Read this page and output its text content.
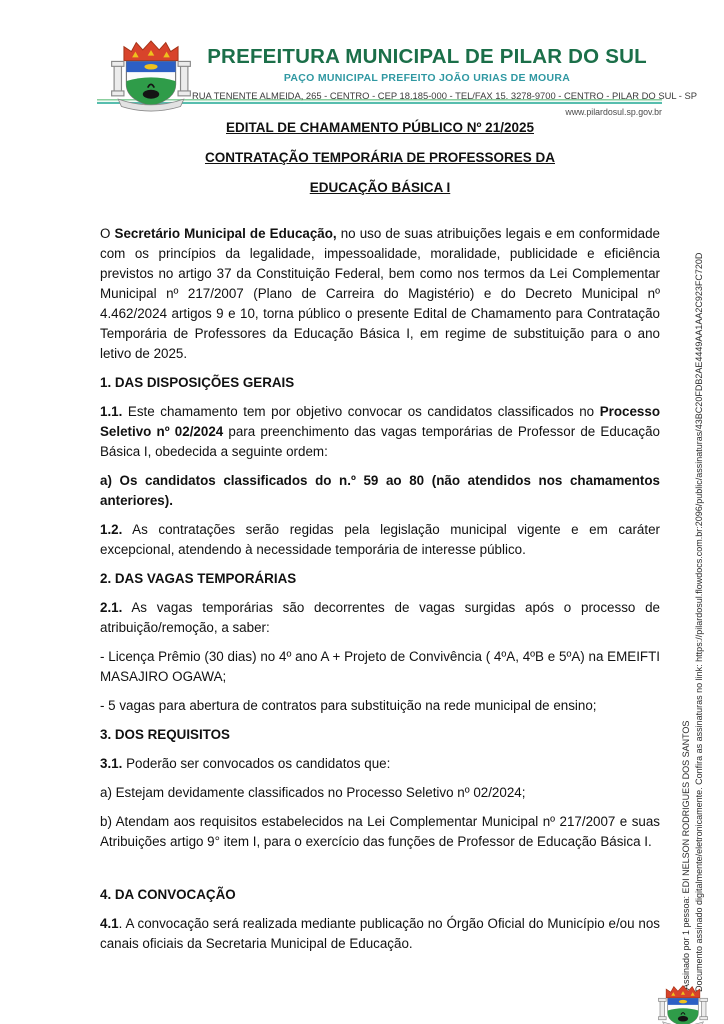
PREFEITURA MUNICIPAL DE PILAR DO SUL
PAÇO MUNICIPAL PREFEITO JOÃO URIAS DE MOURA
RUA TENENTE ALMEIDA, 265 - CENTRO - CEP 18.185-000 - TEL/FAX 15. 3278-9700 - CENTRO - PILAR DO SUL - SP
www.pilardosul.sp.gov.br
EDITAL DE CHAMAMENTO PÚBLICO Nº 21/2025
CONTRATAÇÃO TEMPORÁRIA DE PROFESSORES DA
EDUCAÇÃO BÁSICA I

O Secretário Municipal de Educação, no uso de suas atribuições legais e em conformidade com os princípios da legalidade, impessoalidade, moralidade, publicidade e eficiência previstos no artigo 37 da Constituição Federal, bem como nos termos da Lei Complementar Municipal nº 217/2007 (Plano de Carreira do Magistério) e do Decreto Municipal nº 4.462/2024 artigos 9 e 10, torna público o presente Edital de Chamamento para Contratação Temporária de Professores da Educação Básica I, em regime de substituição para o ano letivo de 2025.

1. DAS DISPOSIÇÕES GERAIS

1.1. Este chamamento tem por objetivo convocar os candidatos classificados no Processo Seletivo nº 02/2024 para preenchimento das vagas temporárias de Professor de Educação Básica I, obedecida a seguinte ordem:

a) Os candidatos classificados do n.º 59 ao 80 (não atendidos nos chamamentos anteriores).

1.2. As contratações serão regidas pela legislação municipal vigente e em caráter excepcional, atendendo à necessidade temporária de interesse público.

2. DAS VAGAS TEMPORÁRIAS

2.1. As vagas temporárias são decorrentes de vagas surgidas após o processo de atribuição/remoção, a saber:

- Licença Prêmio (30 dias) no 4º ano A + Projeto de Convivência ( 4ºA, 4ºB e 5ºA) na EMEIFTI MASAJIRO OGAWA;

- 5 vagas para abertura de contratos para substituição na rede municipal de ensino;

3. DOS REQUISITOS

3.1. Poderão ser convocados os candidatos que:

a) Estejam devidamente classificados no Processo Seletivo nº 02/2024;

b) Atendam aos requisitos estabelecidos na Lei Complementar Municipal nº 217/2007 e suas Atribuições artigo 9° item I, para o exercício das funções de Professor de Educação Básica I.

4. DA CONVOCAÇÃO

4.1. A convocação será realizada mediante publicação no Órgão Oficial do Município e/ou nos canais oficiais da Secretaria Municipal de Educação.	Assinado por 1 pessoa: EDI NELSON RODRIGUES DOS SANTOS Documento assinado digitalmente/eletronicamente. Confira as assinaturas no link: https://pilardosul.flowdocs.com.br:2096/public/assinaturas/43BC20FDB2AE4449AA1AA2C923FC720D
